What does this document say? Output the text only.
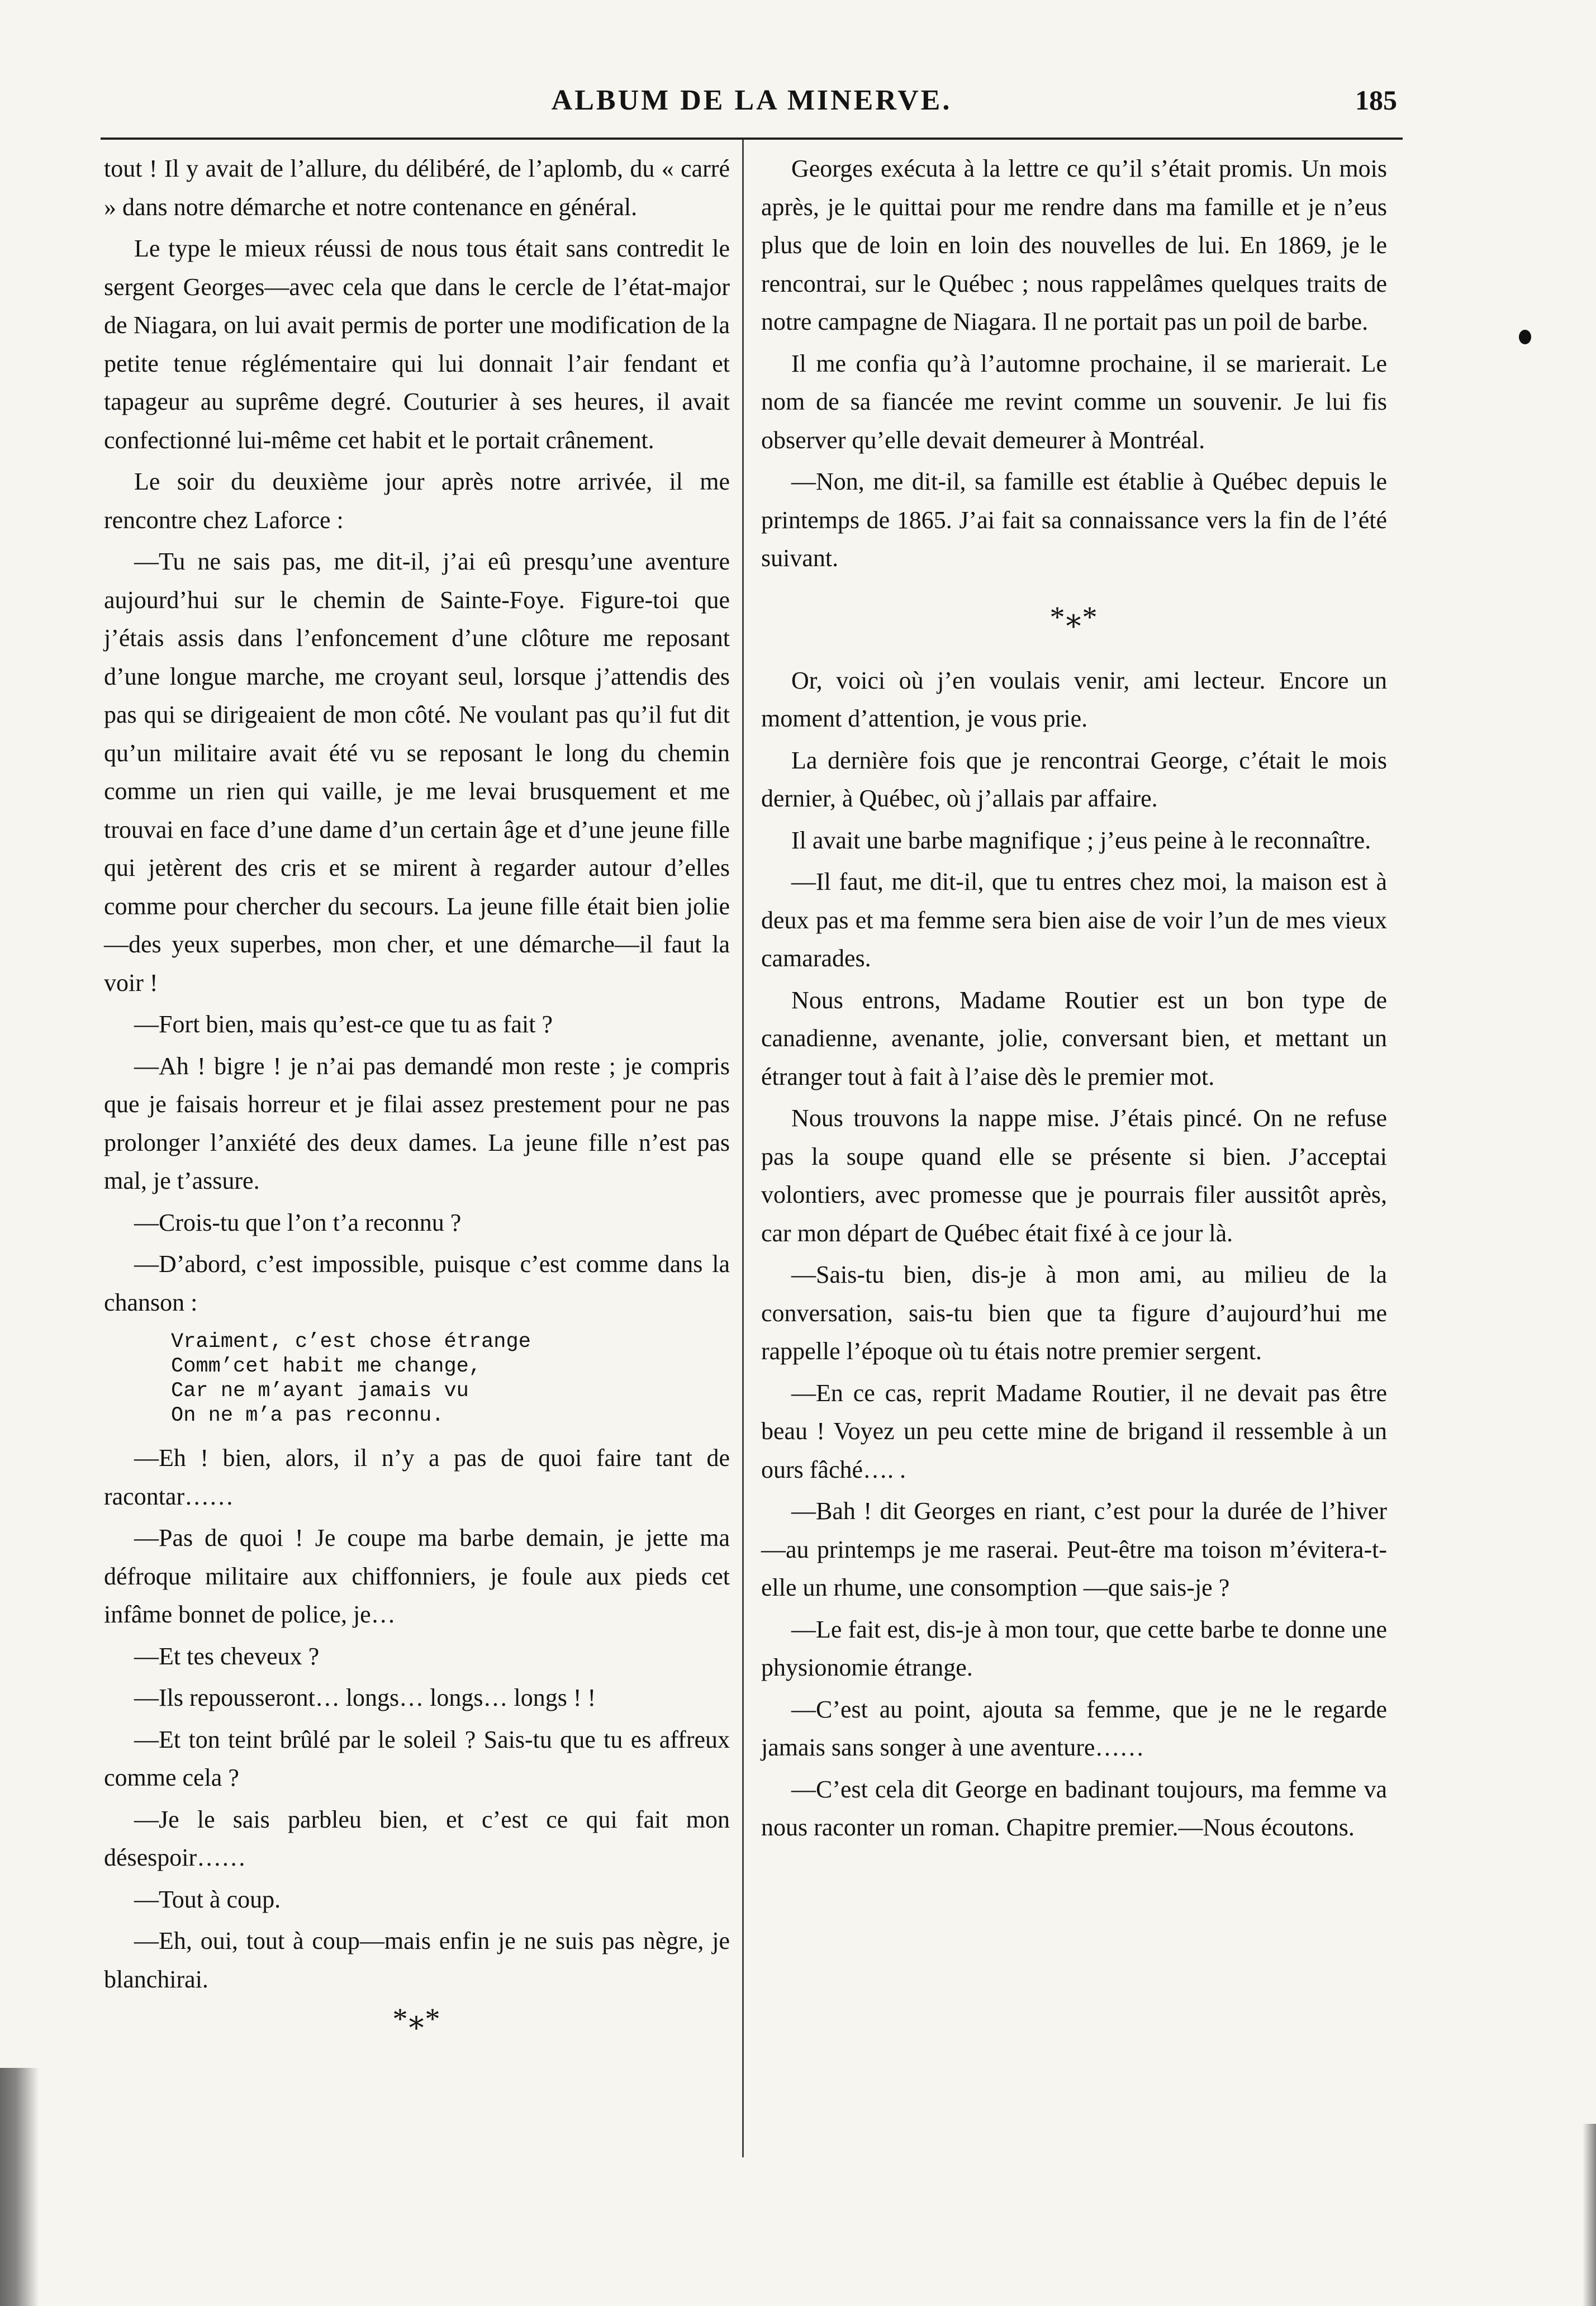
ALBUM DE LA MINERVE.	185

tout ! Il y avait de l’allure, du délibéré, de l’aplomb, du « carré » dans notre démarche et notre contenance en général.

Le type le mieux réussi de nous tous était sans contredit le sergent Georges—avec cela que dans le cercle de l’état-major de Niagara, on lui avait permis de porter une modification de la petite tenue réglémentaire qui lui donnait l’air fendant et tapageur au suprême degré. Couturier à ses heures, il avait confectionné lui-même cet habit et le portait crânement.

Le soir du deuxième jour après notre arrivée, il me rencontre chez Laforce :

—Tu ne sais pas, me dit-il, j’ai eû presqu’une aventure aujourd’hui sur le chemin de Sainte-Foye. Figure-toi que j’étais assis dans l’enfoncement d’une clôture me reposant d’une longue marche, me croyant seul, lorsque j’attendis des pas qui se dirigeaient de mon côté. Ne voulant pas qu’il fut dit qu’un militaire avait été vu se reposant le long du chemin comme un rien qui vaille, je me levai brusquement et me trouvai en face d’une dame d’un certain âge et d’une jeune fille qui jetèrent des cris et se mirent à regarder autour d’elles comme pour chercher du secours. La jeune fille était bien jolie—des yeux superbes, mon cher, et une démarche—il faut la voir !

—Fort bien, mais qu’est-ce que tu as fait ?

—Ah ! bigre ! je n’ai pas demandé mon reste ; je compris que je faisais horreur et je filai assez prestement pour ne pas prolonger l’anxiété des deux dames. La jeune fille n’est pas mal, je t’assure.

—Crois-tu que l’on t’a reconnu ?

—D’abord, c’est impossible, puisque c’est comme dans la chanson :

Vraiment, c’est chose étrange
Comm’cet habit me change,
Car ne m’ayant jamais vu
On ne m’a pas reconnu.

—Eh ! bien, alors, il n’y a pas de quoi faire tant de racontar……

—Pas de quoi ! Je coupe ma barbe demain, je jette ma défroque militaire aux chiffonniers, je foule aux pieds cet infâme bonnet de police, je…

—Et tes cheveux ?

—Ils repousseront… longs… longs… longs ! !

—Et ton teint brûlé par le soleil ? Sais-tu que tu es affreux comme cela ?

—Je le sais parbleu bien, et c’est ce qui fait mon désespoir……

—Tout à coup.

—Eh, oui, tout à coup—mais enfin je ne suis pas nègre, je blanchirai.

*⁎*

Georges exécuta à la lettre ce qu’il s’était promis. Un mois après, je le quittai pour me rendre dans ma famille et je n’eus plus que de loin en loin des nouvelles de lui. En 1869, je le rencontrai, sur le Québec ; nous rappelâmes quelques traits de notre campagne de Niagara. Il ne portait pas un poil de barbe.

Il me confia qu’à l’automne prochaine, il se marierait. Le nom de sa fiancée me revint comme un souvenir. Je lui fis observer qu’elle devait demeurer à Montréal.

—Non, me dit-il, sa famille est établie à Québec depuis le printemps de 1865. J’ai fait sa connaissance vers la fin de l’été suivant.

*⁎*

Or, voici où j’en voulais venir, ami lecteur. Encore un moment d’attention, je vous prie.

La dernière fois que je rencontrai George, c’était le mois dernier, à Québec, où j’allais par affaire.

Il avait une barbe magnifique ; j’eus peine à le reconnaître.

—Il faut, me dit-il, que tu entres chez moi, la maison est à deux pas et ma femme sera bien aise de voir l’un de mes vieux camarades.

Nous entrons, Madame Routier est un bon type de canadienne, avenante, jolie, conversant bien, et mettant un étranger tout à fait à l’aise dès le premier mot.

Nous trouvons la nappe mise. J’étais pincé. On ne refuse pas la soupe quand elle se présente si bien. J’acceptai volontiers, avec promesse que je pourrais filer aussitôt après, car mon départ de Québec était fixé à ce jour là.

—Sais-tu bien, dis-je à mon ami, au milieu de la conversation, sais-tu bien que ta figure d’aujourd’hui me rappelle l’époque où tu étais notre premier sergent.

—En ce cas, reprit Madame Routier, il ne devait pas être beau ! Voyez un peu cette mine de brigand il ressemble à un ours fâché…. .

—Bah ! dit Georges en riant, c’est pour la durée de l’hiver—au printemps je me raserai. Peut-être ma toison m’évitera-t-elle un rhume, une consomption —que sais-je ?

—Le fait est, dis-je à mon tour, que cette barbe te donne une physionomie étrange.

—C’est au point, ajouta sa femme, que je ne le regarde jamais sans songer à une aventure……

—C’est cela dit George en badinant toujours, ma femme va nous raconter un roman. Chapitre premier.—Nous écoutons.
